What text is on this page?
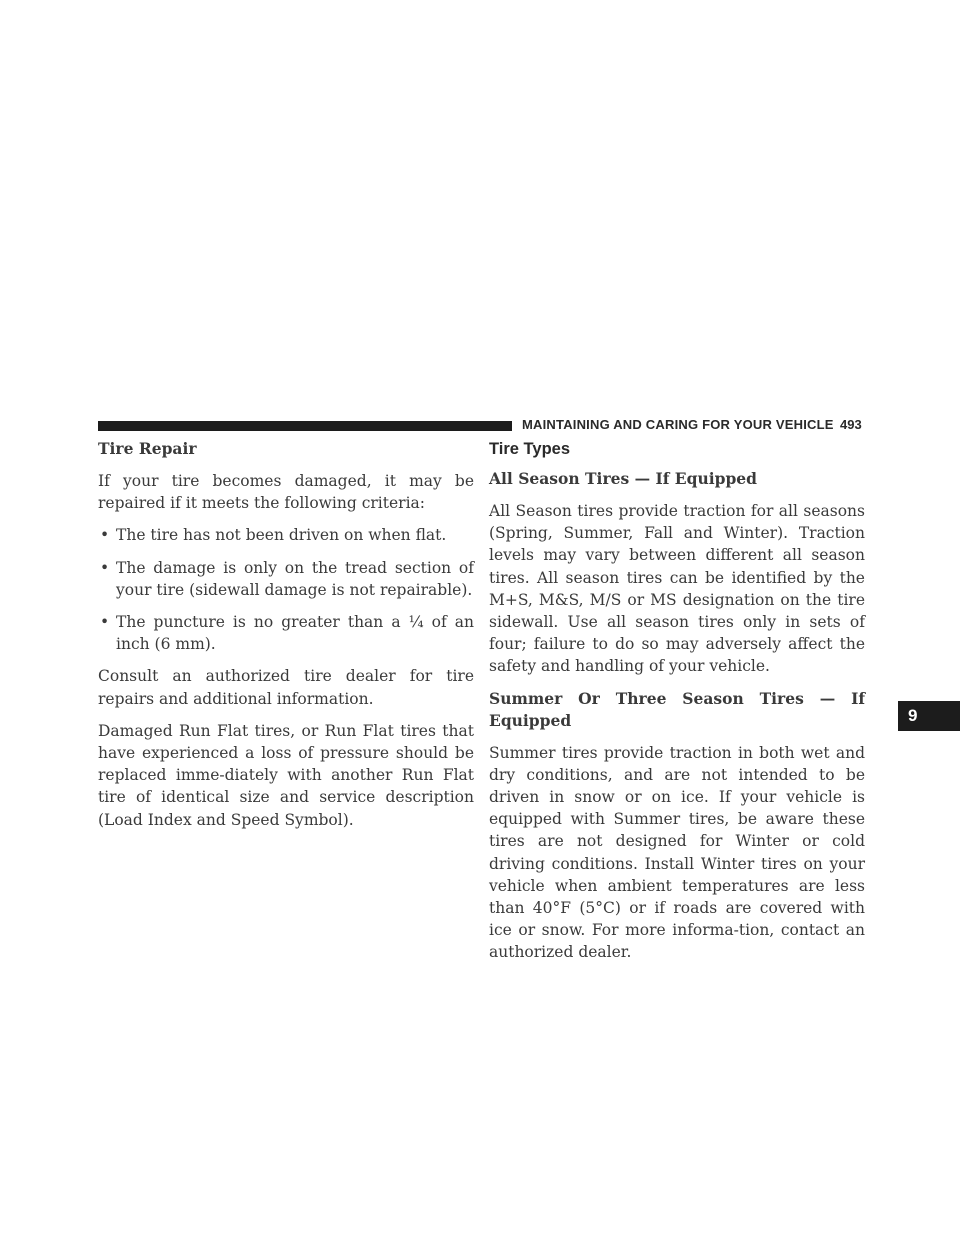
MAINTAINING AND CARING FOR YOUR VEHICLE 493
Tire Repair

If your tire becomes damaged, it may be repaired if it meets the following criteria:

• The tire has not been driven on when flat.
• The damage is only on the tread section of your tire (sidewall damage is not repairable).
• The puncture is no greater than a ¼ of an inch (6 mm).

Consult an authorized tire dealer for tire repairs and additional information.

Damaged Run Flat tires, or Run Flat tires that have experienced a loss of pressure should be replaced imme-diately with another Run Flat tire of identical size and service description (Load Index and Speed Symbol).

Tire Types
All Season Tires — If Equipped

All Season tires provide traction for all seasons (Spring, Summer, Fall and Winter). Traction levels may vary between different all season tires. All season tires can be identified by the M+S, M&S, M/S or MS designation on the tire sidewall. Use all season tires only in sets of four; failure to do so may adversely affect the safety and handling of your vehicle.

Summer Or Three Season Tires — If Equipped

Summer tires provide traction in both wet and dry conditions, and are not intended to be driven in snow or on ice. If your vehicle is equipped with Summer tires, be aware these tires are not designed for Winter or cold driving conditions. Install Winter tires on your vehicle when ambient temperatures are less than 40°F (5°C) or if roads are covered with ice or snow. For more informa-tion, contact an authorized dealer.

9
